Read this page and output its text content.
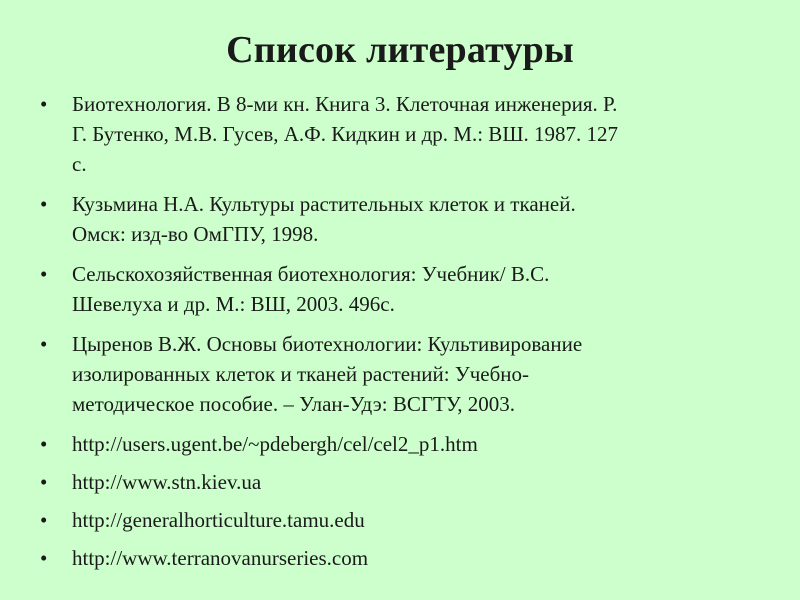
Список литературы
•	Биотехнология. В 8-ми кн. Книга 3. Клеточная инженерия. Р.
Г. Бутенко, М.В. Гусев, А.Ф. Кидкин и др. М.: ВШ. 1987. 127
с.
•	Кузьмина Н.А. Культуры растительных клеток и тканей.
Омск: изд-во ОмГПУ, 1998.
•	Сельскохозяйственная биотехнология: Учебник/ В.С.
Шевелуха и др. М.: ВШ, 2003. 496с.
•	Цыренов В.Ж. Основы биотехнологии: Культивирование
изолированных клеток и тканей растений: Учебно-
методическое пособие. – Улан-Удэ: ВСГТУ, 2003.
•	http://users.ugent.be/~pdebergh/cel/cel2_p1.htm
•	http://www.stn.kiev.ua
•	http://generalhorticulture.tamu.edu
•	http://www.terranovanurseries.com
